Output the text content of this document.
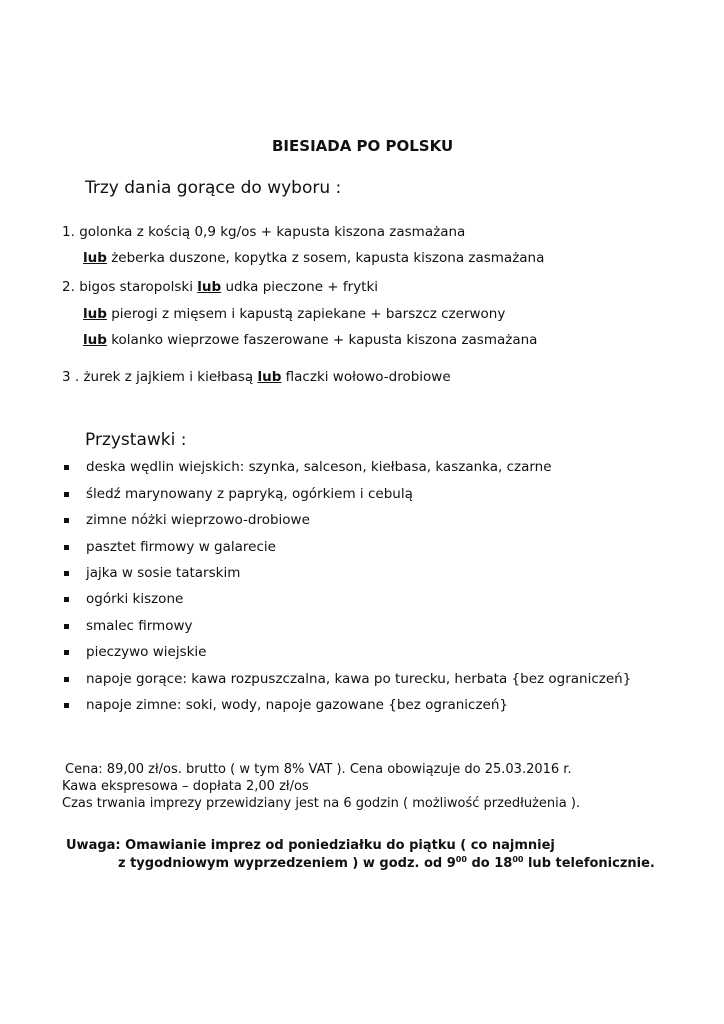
BIESIADA PO POLSKU
Trzy dania gorące do wyboru :
1. golonka z kością 0,9 kg/os + kapusta kiszona zasmażana
lub żeberka duszone, kopytka z sosem, kapusta kiszona zasmażana
2. bigos staropolski lub udka pieczone + frytki
lub pierogi z mięsem i kapustą zapiekane + barszcz czerwony
lub kolanko wieprzowe faszerowane + kapusta kiszona zasmażana
3 . żurek z jajkiem i kiełbasą lub flaczki wołowo-drobiowe
Przystawki :
deska wędlin wiejskich: szynka, salceson, kiełbasa, kaszanka, czarne
śledź marynowany z papryką, ogórkiem i cebulą
zimne nóżki wieprzowo-drobiowe
pasztet firmowy w galarecie
jajka w sosie tatarskim
ogórki kiszone
smalec firmowy
pieczywo wiejskie
napoje gorące: kawa rozpuszczalna, kawa po turecku, herbata {bez ograniczeń}
napoje zimne: soki, wody, napoje gazowane {bez ograniczeń}
Cena: 89,00 zł/os. brutto ( w tym 8% VAT ). Cena obowiązuje do 25.03.2016 r.
Kawa ekspresowa – dopłata 2,00 zł/os
Czas trwania imprezy przewidziany jest na 6 godzin ( możliwość przedłużenia ).
Uwaga: Omawianie imprez od poniedziałku do piątku ( co najmniej
z tygodniowym wyprzedzeniem ) w godz. od $9^{00}$ do $18^{00}$ lub telefonicznie.
